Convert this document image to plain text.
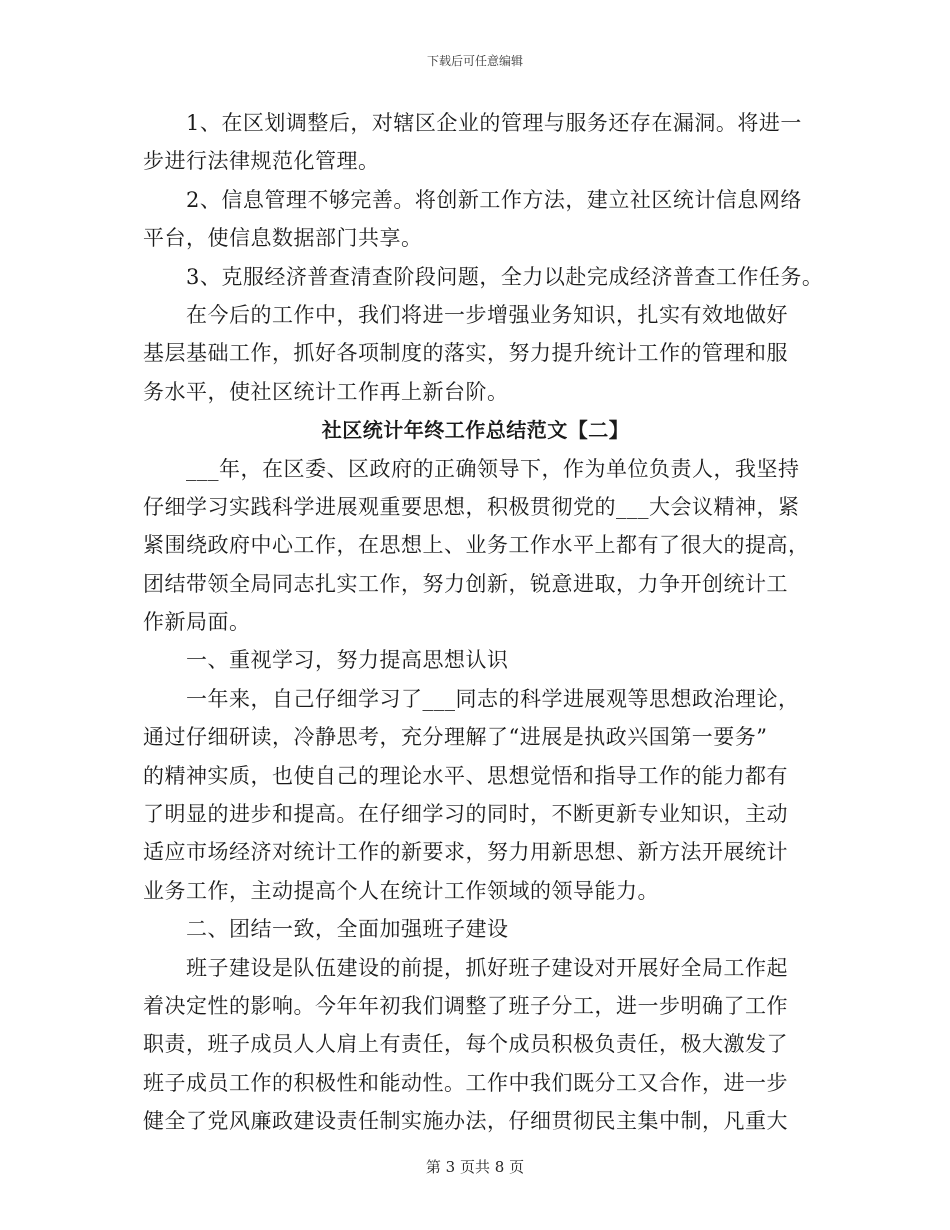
下载后可任意编辑
1、在区划调整后，对辖区企业的管理与服务还存在漏洞。将进一
步进行法律规范化管理。
2、信息管理不够完善。将创新工作方法，建立社区统计信息网络
平台，使信息数据部门共享。
3、克服经济普查清查阶段问题，全力以赴完成经济普查工作任务。
在今后的工作中，我们将进一步增强业务知识，扎实有效地做好
基层基础工作，抓好各项制度的落实，努力提升统计工作的管理和服
务水平，使社区统计工作再上新台阶。
社区统计年终工作总结范文【二】
___年，在区委、区政府的正确领导下，作为单位负责人，我坚持
仔细学习实践科学进展观重要思想，积极贯彻党的___大会议精神，紧
紧围绕政府中心工作，在思想上、业务工作水平上都有了很大的提高，
团结带领全局同志扎实工作，努力创新，锐意进取，力争开创统计工
作新局面。
一、重视学习，努力提高思想认识
一年来，自己仔细学习了___同志的科学进展观等思想政治理论，
通过仔细研读，冷静思考，充分理解了“进展是执政兴国第一要务”
的精神实质，也使自己的理论水平、思想觉悟和指导工作的能力都有
了明显的进步和提高。在仔细学习的同时，不断更新专业知识，主动
适应市场经济对统计工作的新要求，努力用新思想、新方法开展统计
业务工作，主动提高个人在统计工作领域的领导能力。
二、团结一致，全面加强班子建设
班子建设是队伍建设的前提，抓好班子建设对开展好全局工作起
着决定性的影响。今年年初我们调整了班子分工，进一步明确了工作
职责，班子成员人人肩上有责任，每个成员积极负责任，极大激发了
班子成员工作的积极性和能动性。工作中我们既分工又合作，进一步
健全了党风廉政建设责任制实施办法，仔细贯彻民主集中制，凡重大
第 3 页共 8 页
